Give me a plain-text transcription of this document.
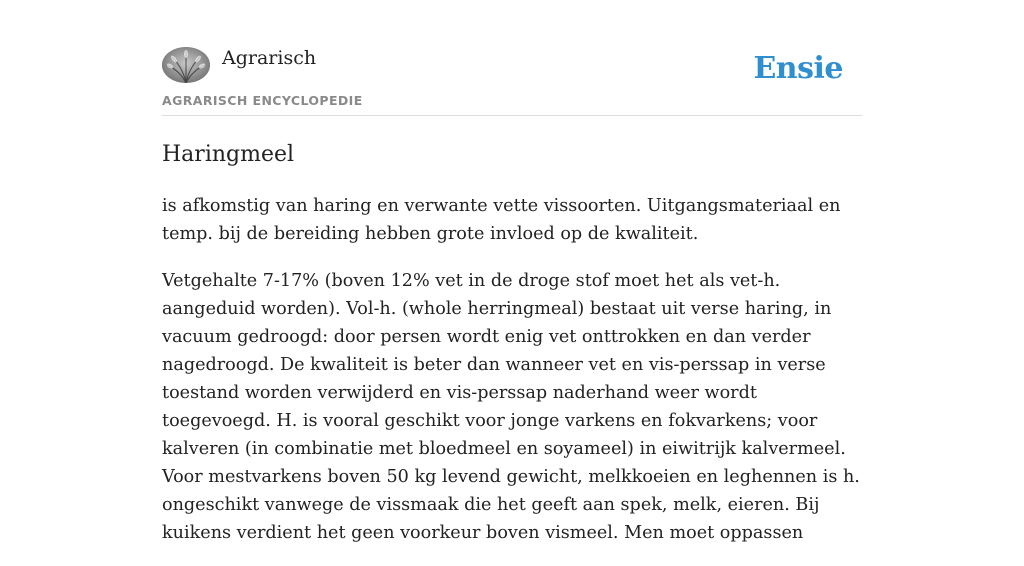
Agrarisch
AGRARISCH ENCYCLOPEDIE
Ensie
Haringmeel

is afkomstig van haring en verwante vette vissoorten. Uitgangsmateriaal en temp. bij de bereiding hebben grote invloed op de kwaliteit.

Vetgehalte 7-17% (boven 12% vet in de droge stof moet het als vet-h. aangeduid worden). Vol-h. (whole herringmeal) bestaat uit verse haring, in vacuum gedroogd: door persen wordt enig vet onttrokken en dan verder nagedroogd. De kwaliteit is beter dan wanneer vet en vis-perssap in verse toestand worden verwijderd en vis-perssap naderhand weer wordt toegevoegd. H. is vooral geschikt voor jonge varkens en fokvarkens; voor kalveren (in combinatie met bloedmeel en soyameel) in eiwitrijk kalvermeel. Voor mestvarkens boven 50 kg levend gewicht, melkkoeien en leghennen is h. ongeschikt vanwege de vissmaak die het geeft aan spek, melk, eieren. Bij kuikens verdient het geen voorkeur boven vismeel. Men moet oppassen
